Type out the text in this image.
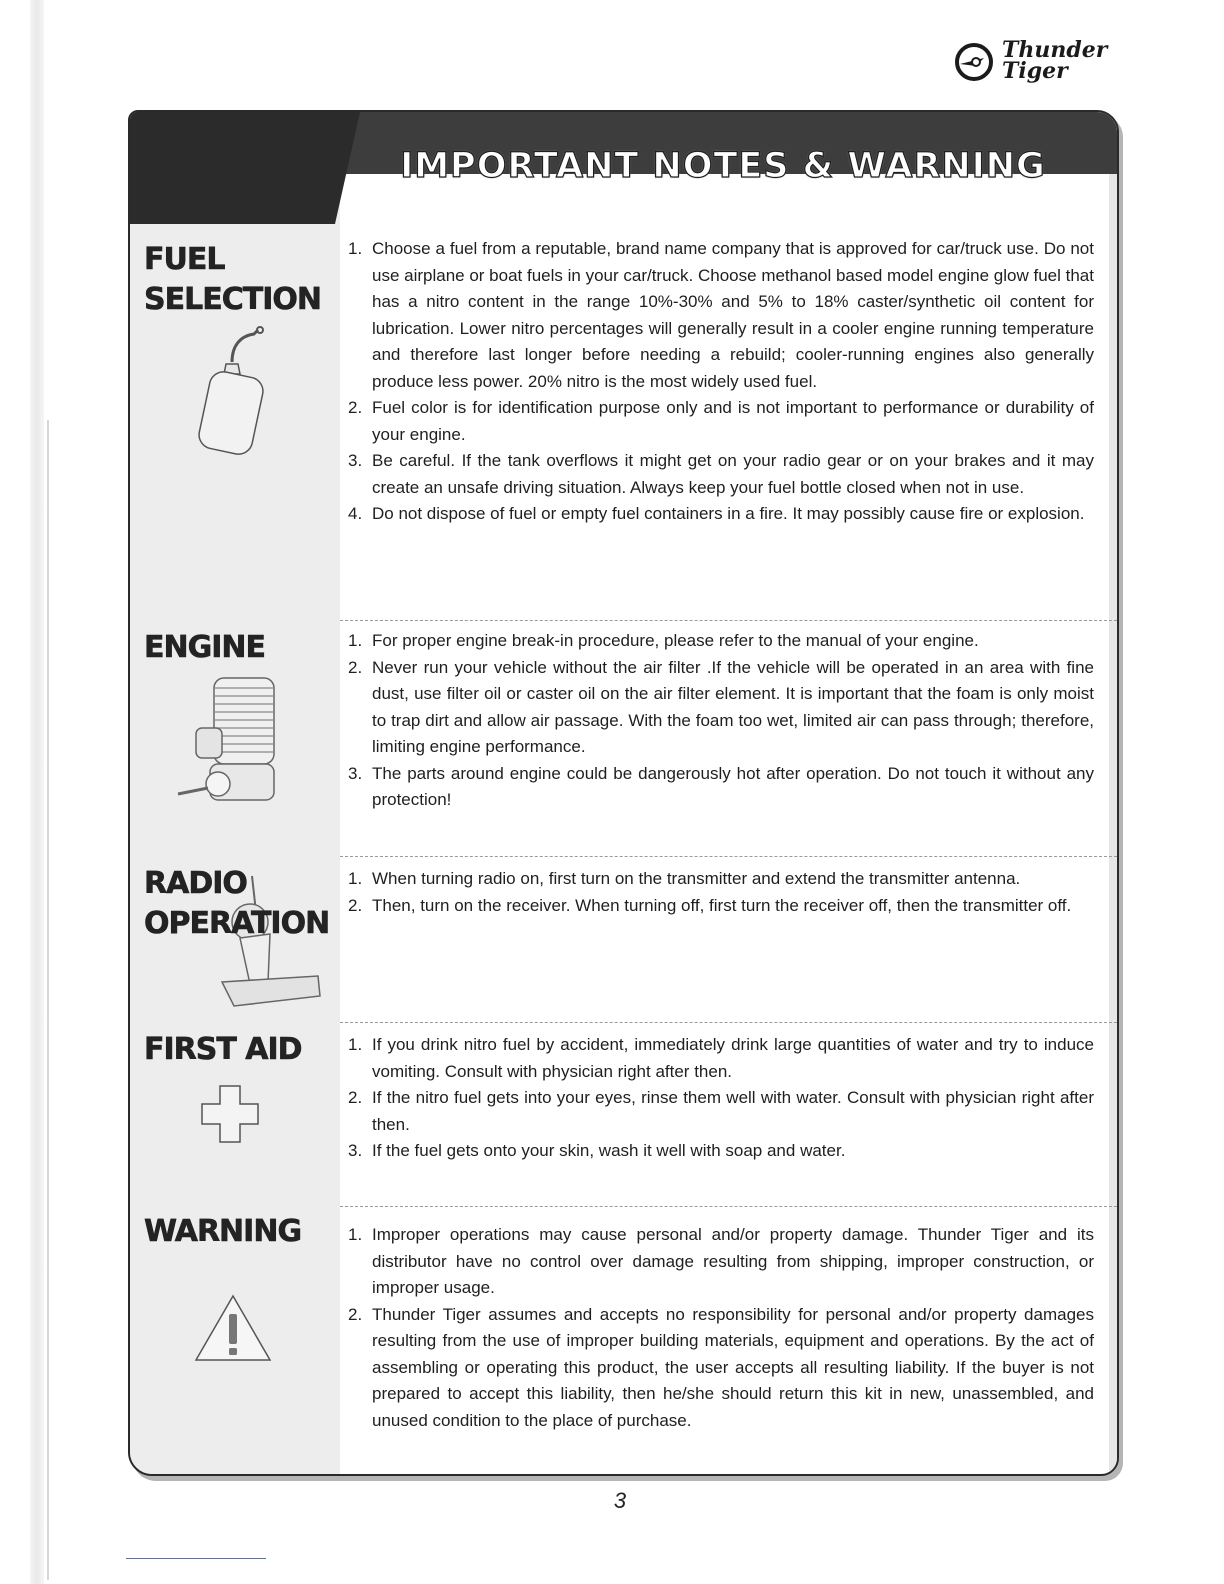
Thunder
Tiger
IMPORTANT NOTES & WARNING
FUEL
SELECTION
1. Choose a fuel from a reputable, brand name company that is approved for car/truck use. Do not use airplane or boat fuels in your car/truck. Choose methanol based model engine glow fuel that has a nitro content in the range 10%-30% and 5% to 18% caster/synthetic oil content for lubrication. Lower nitro percentages will generally result in a cooler engine running temperature and therefore last longer before needing a rebuild; cooler-running engines also generally produce less power. 20% nitro is the most widely used fuel.
2. Fuel color is for identification purpose only and is not important to performance or durability of your engine.
3. Be careful. If the tank overflows it might get on your radio gear or on your brakes and it may create an unsafe driving situation. Always keep your fuel bottle closed when not in use.
4. Do not dispose of fuel or empty fuel containers in a fire. It may possibly cause fire or explosion.
ENGINE	1. For proper engine break-in procedure, please refer to the manual of your engine.
2. Never run your vehicle without the air filter .If the vehicle will be operated in an area with fine dust, use filter oil or caster oil on the air filter element. It is important that the foam is only moist to trap dirt and allow air passage. With the foam too wet, limited air can pass through; therefore, limiting engine performance.
3. The parts around engine could be dangerously hot after operation. Do not touch it without any protection!
RADIO
OPERATION
1. When turning radio on, first turn on the transmitter and extend the transmitter antenna.
2. Then, turn on the receiver. When turning off, first turn the receiver off, then the transmitter off.
FIRST AID	1. If you drink nitro fuel by accident, immediately drink large quantities of water and try to induce vomiting. Consult with physician right after then.
2. If the nitro fuel gets into your eyes, rinse them well with water. Consult with physician right after then.
3. If the fuel gets onto your skin, wash it well with soap and water.
WARNING	1. Improper operations may cause personal and/or property damage. Thunder Tiger and its distributor have no control over damage resulting from shipping, improper construction, or improper usage.
2. Thunder Tiger assumes and accepts no responsibility for personal and/or property damages resulting from the use of improper building materials, equipment and operations. By the act of assembling or operating this product, the user accepts all resulting liability. If the buyer is not prepared to accept this liability, then he/she should return this kit in new, unassembled, and unused condition to the place of purchase.
3
